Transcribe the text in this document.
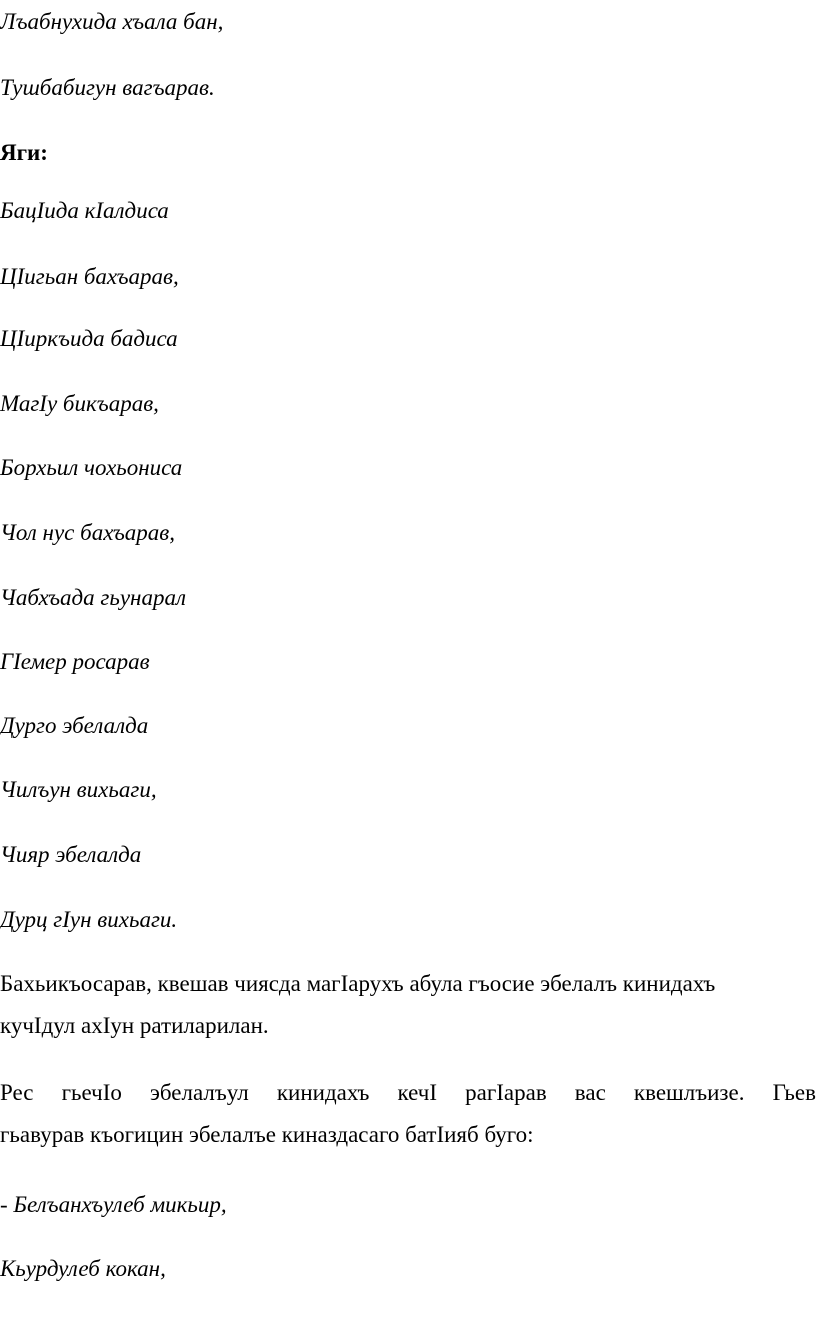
Лъабнухида хъала бан,

Тушбабигун вагъарав.

Яги:

БацІида кІалдиса

ЦІигьан бахъарав,

ЦІиркъида бадиса

МагІу бикъарав,

Борхьил чохьониса

Чол нус бахъарав,

Чабхъада гьунарал

ГІемер росарав

Дурго эбелалда

Чилъун вихьаги,

Чияр эбелалда

Дурц гІун вихьаги.

Бахьикъосарав, квешав чиясда магІарухъ абула гъосие эбелалъ кинидахъ
кучІдул ахІун ратиларилан.
Рес гьечІо эбелалъул кинидахъ кечІ рагІарав вас квешлъизе. Гьев
гьавурав къогицин эбелалъе киназдасаго батІияб буго:

- Белъанхъулеб микьир,

Кьурдулеб кокан,
